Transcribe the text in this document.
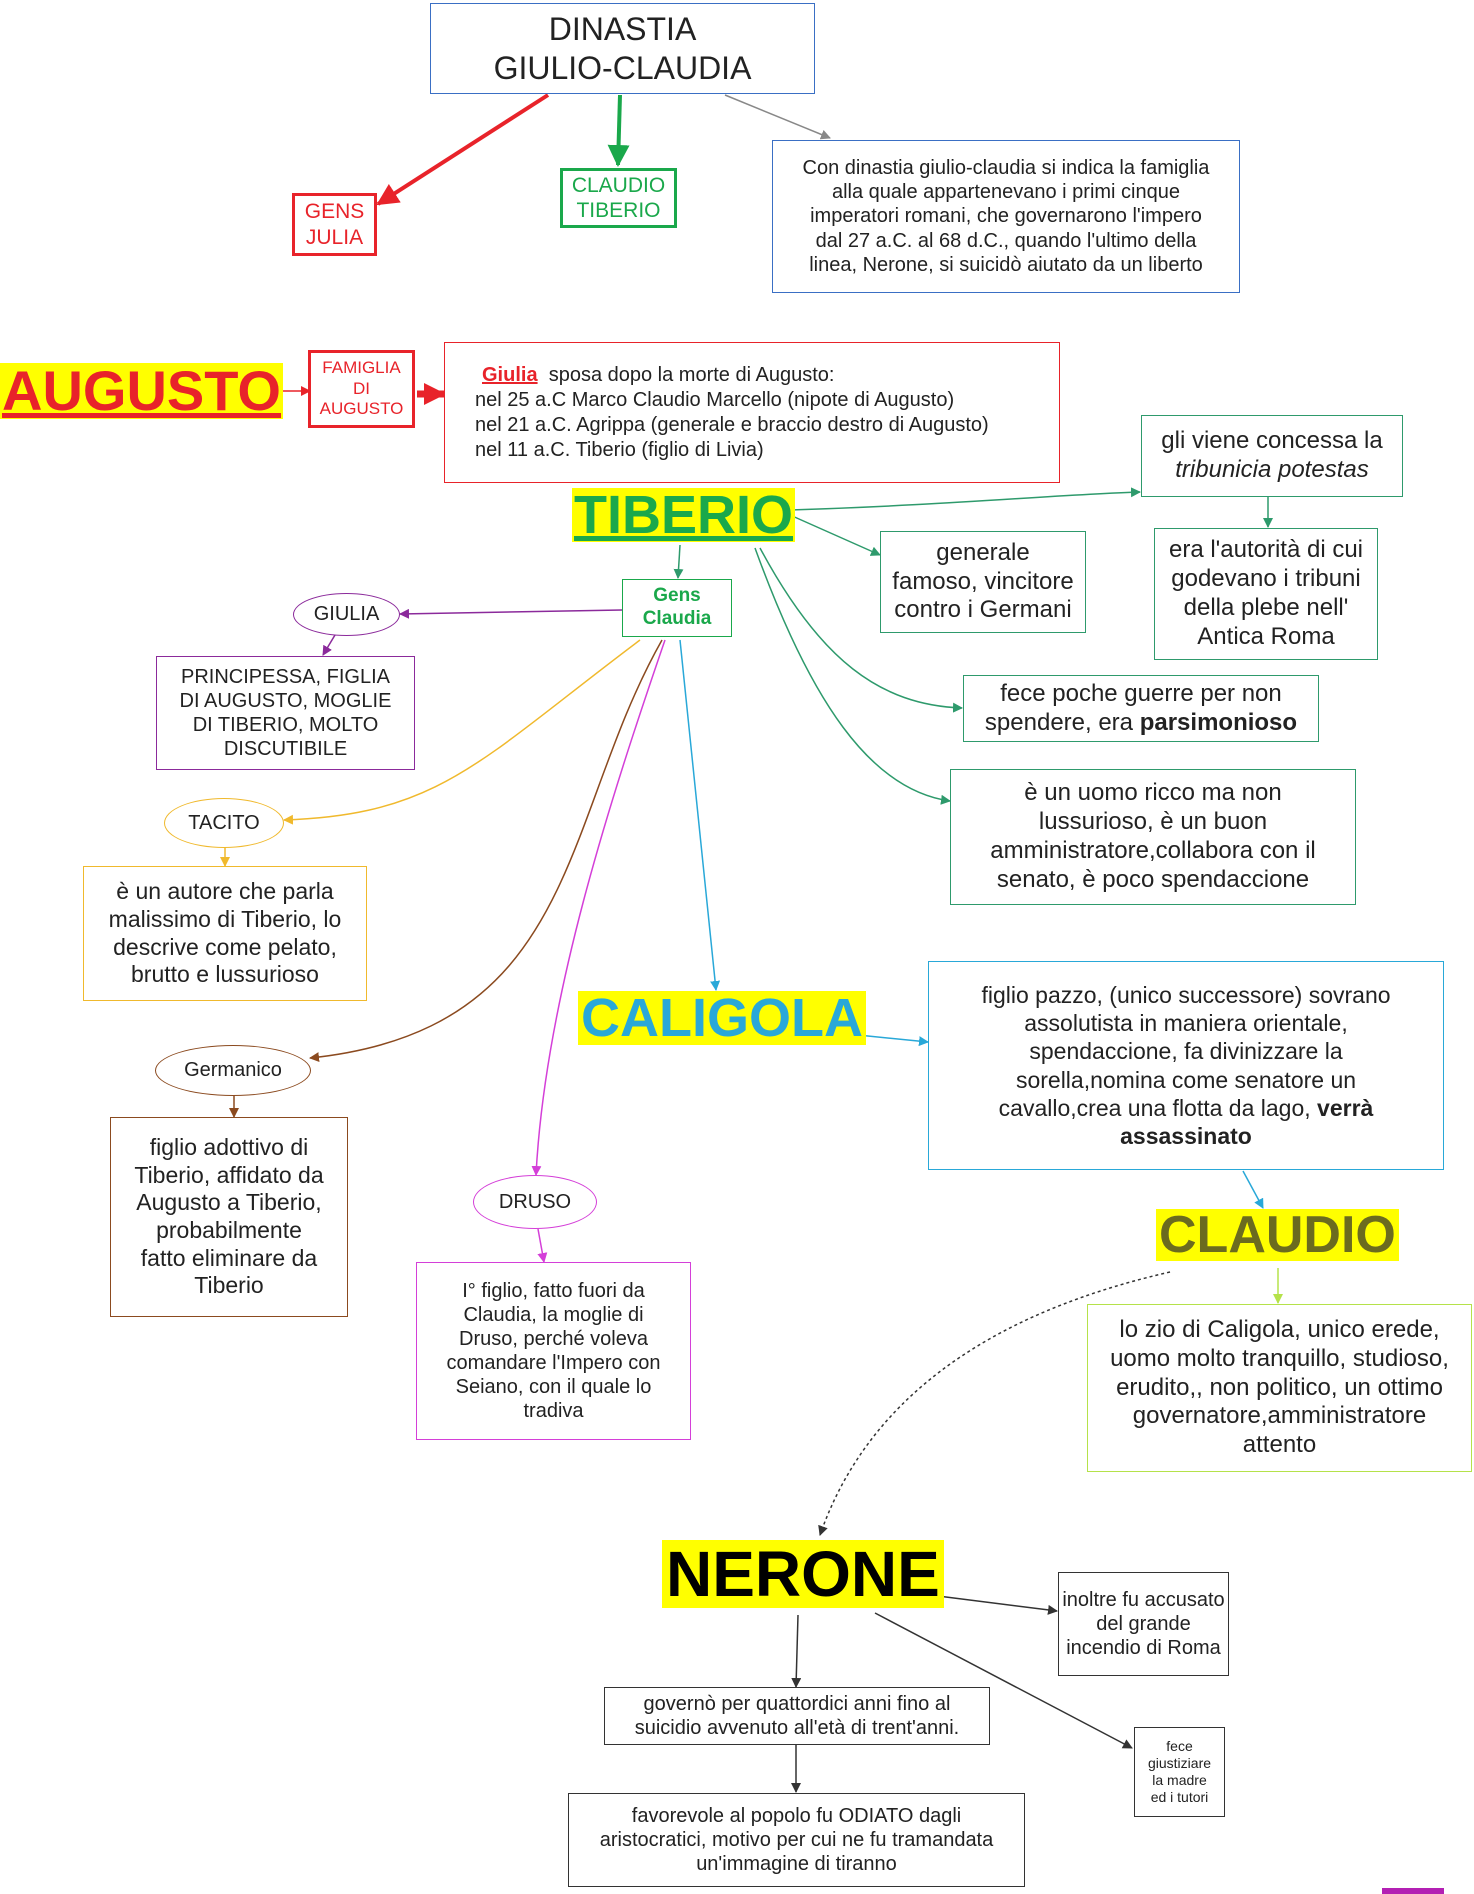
DINASTIA
GIULIO-CLAUDIA
GENS
JULIA
CLAUDIO
TIBERIO
Con dinastia giulio-claudia si indica la famiglia
alla quale appartenevano i primi cinque
imperatori romani, che governarono l'impero
dal 27 a.C. al 68 d.C., quando l'ultimo della
linea, Nerone, si suicidò aiutato da un liberto
AUGUSTO	FAMIGLIA
DI
AUGUSTO
Giulia sposa dopo la morte di Augusto:
nel 25 a.C Marco Claudio Marcello (nipote di Augusto)
nel 21 a.C. Agrippa (generale e braccio destro di Augusto)
nel 11 a.C. Tiberio (figlio di Livia)
TIBERIO
Gens
Claudia
gli viene concessa la
tribunicia potestas
era l'autorità di cui
godevano i tribuni
della plebe nell'
Antica Roma
generale
famoso, vincitore
contro i Germani
fece poche guerre per non
spendere, era parsimonioso
è un uomo ricco ma non
lussurioso, è un buon
amministratore,collabora con il
senato, è poco spendaccione
GIULIA
PRINCIPESSA, FIGLIA
DI AUGUSTO, MOGLIE
DI TIBERIO, MOLTO
DISCUTIBILE
TACITO
è un autore che parla
malissimo di Tiberio, lo
descrive come pelato,
brutto e lussurioso
Germanico
figlio adottivo di
Tiberio, affidato da
Augusto a Tiberio,
probabilmente
fatto eliminare da
Tiberio
DRUSO
I° figlio, fatto fuori da
Claudia, la moglie di
Druso, perché voleva
comandare l'Impero con
Seiano, con il quale lo
tradiva
CALIGOLA	figlio pazzo, (unico successore) sovrano
assolutista in maniera orientale,
spendaccione, fa divinizzare la
sorella,nomina come senatore un
cavallo,crea una flotta da lago, verrà
assassinato
CLAUDIO
lo zio di Caligola, unico erede,
uomo molto tranquillo, studioso,
erudito,, non politico, un ottimo
governatore,amministratore
attento
NERONE	inoltre fu accusato
del grande
incendio di Roma
governò per quattordici anni fino al
suicidio avvenuto all'età di trent'anni.
fece
giustiziare
la madre
ed i tutori
favorevole al popolo fu ODIATO dagli
aristocratici, motivo per cui ne fu tramandata
un'immagine di tiranno
